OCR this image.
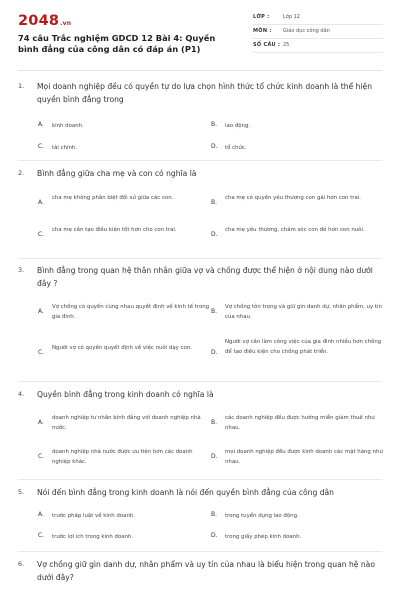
2048.vn
74 câu Trắc nghiệm GDCD 12 Bài 4: Quyền bình đẳng của công dân có đáp án (P1)
LỚP :	Lớp 12
MÔN : Giáo dục công dân
SỐ CÂU : 25
1. Mọi doanh nghiệp đều có quyền tự do lựa chọn hình thức tổ chức kinh doanh là thể hiện quyền bình đẳng trong
A. kinh doanh.	B. lao động.
C. tài chính.	D. tổ chức.
2. Bình đẳng giữa cha mẹ và con có nghĩa là
A.
cha mẹ không phân biệt đối xử giữa các con.
B.
cha mẹ có quyền yêu thương con gái hơn con trai.
C.
cha mẹ cần tạo điều kiện tốt hơn cho con trai.
D.
cha mẹ yêu thương, chăm sóc con đẻ hơn con nuôi.
3. Bình đẳng trong quan hệ thân nhân giữa vợ và chồng được thể hiện ở nội dung nào dưới đây ?
A.
Vợ chồng có quyền cùng nhau quyết định về kinh tế trong gia đình.
B.
Vợ chồng tôn trọng và giữ gìn danh dự, nhân phẩm, uy tín của nhau.
C.
Người vợ có quyền quyết định về việc nuôi dạy con.
D.
Người vợ cần làm công việc của gia đình nhiều hơn chồng để tạo điều kiện cho chồng phát triển.
4. Quyền bình đẳng trong kinh doanh có nghĩa là
A.
doanh nghiệp tư nhân bình đẳng với doanh nghiệp nhà nước.
B.
các doanh nghiệp đều được hưởng miễn giảm thuế như nhau.
C.
doanh nghiệp nhà nước được ưu tiên hơn các doanh nghiệp khác.
D.
mọi doanh nghiệp đều được kinh doanh các mặt hàng như nhau.
5. Nói đến bình đẳng trong kinh doanh là nói đến quyền bình đẳng của công dân
A. trước pháp luật về kinh doanh.	B. trong tuyển dụng lao động.
C. trước lợi ích trong kinh doanh.	D. trong giấy phép kinh doanh.
6. Vợ chồng giữ gìn danh dự, nhân phẩm và uy tín của nhau là biểu hiện trong quan hệ nào dưới đây?
